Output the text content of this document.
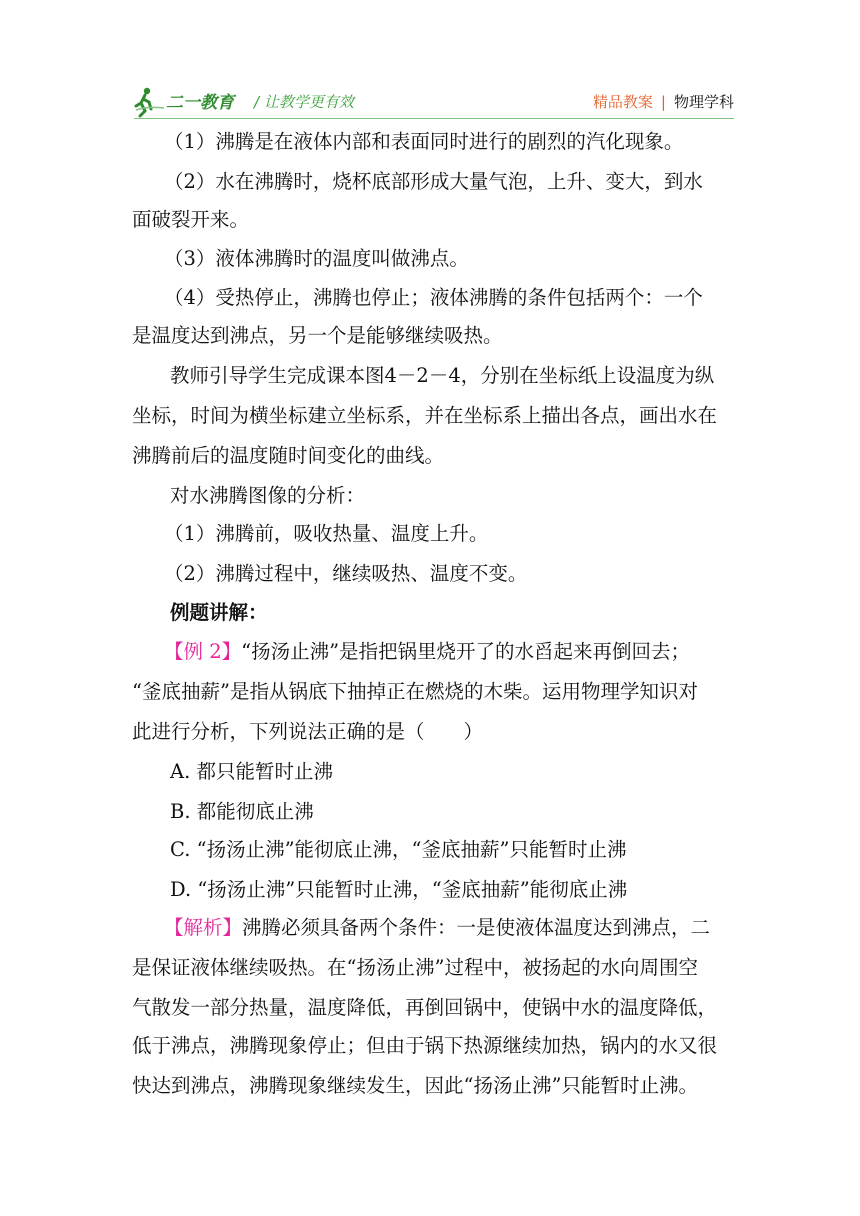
二一教育 / 让教学更有效	精品教案 | 物理学科
（1）沸腾是在液体内部和表面同时进行的剧烈的汽化现象。
（2）水在沸腾时，烧杯底部形成大量气泡，上升、变大，到水
面破裂开来。
（3）液体沸腾时的温度叫做沸点。
（4）受热停止，沸腾也停止；液体沸腾的条件包括两个：一个
是温度达到沸点，另一个是能够继续吸热。
教师引导学生完成课本图4－2－4，分别在坐标纸上设温度为纵
坐标，时间为横坐标建立坐标系，并在坐标系上描出各点，画出水在
沸腾前后的温度随时间变化的曲线。
对水沸腾图像的分析：
（1）沸腾前，吸收热量、温度上升。
（2）沸腾过程中，继续吸热、温度不变。
例题讲解：
【例 2】“扬汤止沸”是指把锅里烧开了的水舀起来再倒回去；
“釜底抽薪”是指从锅底下抽掉正在燃烧的木柴。运用物理学知识对
此进行分析，下列说法正确的是（　　）
A. 都只能暂时止沸
B. 都能彻底止沸
C. “扬汤止沸”能彻底止沸，“釜底抽薪”只能暂时止沸
D. “扬汤止沸”只能暂时止沸，“釜底抽薪”能彻底止沸
【解析】沸腾必须具备两个条件：一是使液体温度达到沸点，二
是保证液体继续吸热。在“扬汤止沸”过程中，被扬起的水向周围空
气散发一部分热量，温度降低，再倒回锅中，使锅中水的温度降低，
低于沸点，沸腾现象停止；但由于锅下热源继续加热，锅内的水又很
快达到沸点，沸腾现象继续发生，因此“扬汤止沸”只能暂时止沸。
